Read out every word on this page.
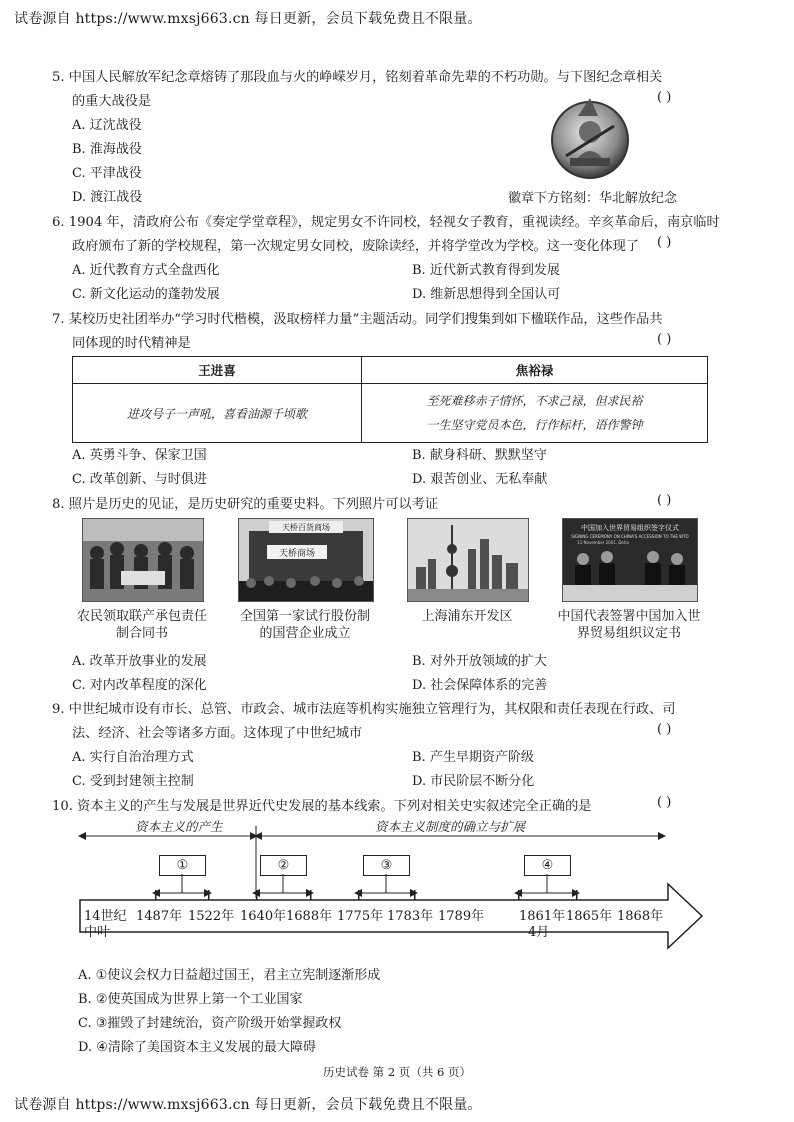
试卷源自 https://www.mxsj663.cn 每日更新，会员下载免费且不限量。
5. 中国人民解放军纪念章熔铸了那段血与火的峥嵘岁月，铭刻着革命先辈的不朽功勋。与下图纪念章相关
的重大战役是	( )
A. 辽沈战役
B. 淮海战役
C. 平津战役
D. 渡江战役	徽章下方铭刻：华北解放纪念
6. 1904 年，清政府公布《奏定学堂章程》，规定男女不许同校，轻视女子教育，重视读经。辛亥革命后，南京临时
政府颁布了新的学校规程，第一次规定男女同校，废除读经，并将学堂改为学校。这一变化体现了 ( )
A. 近代教育方式全盘西化	B. 近代新式教育得到发展
C. 新文化运动的蓬勃发展	D. 维新思想得到全国认可
7. 某校历史社团举办“学习时代楷模，汲取榜样力量”主题活动。同学们搜集到如下楹联作品，这些作品共
同体现的时代精神是	( )
王进喜	焦裕禄
进攻号子一声吼，喜看油源千顷歌	至死难移赤子情怀，不求己禄，但求民裕
一生坚守党员本色，行作标杆，语作警钟
A. 英勇斗争、保家卫国	B. 献身科研、默默坚守
C. 改革创新、与时俱进	D. 艰苦创业、无私奉献
8. 照片是历史的见证，是历史研究的重要史料。下列照片可以考证	( )
天桥百货商场
天桥商场
中国加入世界贸易组织签字仪式
SIGNING CEREMONY ON CHINA'S ACCESSION TO THE WTO
11 November 2001, Doha
农民领取联产承包责任制合同书
全国第一家试行股份制的国营企业成立
上海浦东开发区	中国代表签署中国加入世界贸易组织议定书
A. 改革开放事业的发展	B. 对外开放领域的扩大
C. 对内改革程度的深化	D. 社会保障体系的完善
9. 中世纪城市设有市长、总管、市政会、城市法庭等机构实施独立管理行为，其权限和责任表现在行政、司
法、经济、社会等诸多方面。这体现了中世纪城市	( )
A. 实行自治治理方式	B. 产生早期资产阶级
C. 受到封建领主控制	D. 市民阶层不断分化
10. 资本主义的产生与发展是世界近代史发展的基本线索。下列对相关史实叙述完全正确的是	( )
资本主义的产生	资本主义制度的确立与扩展
①	②	③	④
14世纪
中叶
1487年 1522年 1640年 1688年 1775年 1783年 1789年	1861年
4月
1865年 1868年
A. ①使议会权力日益超过国王，君主立宪制逐渐形成
B. ②使英国成为世界上第一个工业国家
C. ③摧毁了封建统治，资产阶级开始掌握政权
D. ④清除了美国资本主义发展的最大障碍
历史试卷 第 2 页（共 6 页）
试卷源自 https://www.mxsj663.cn 每日更新，会员下载免费且不限量。
